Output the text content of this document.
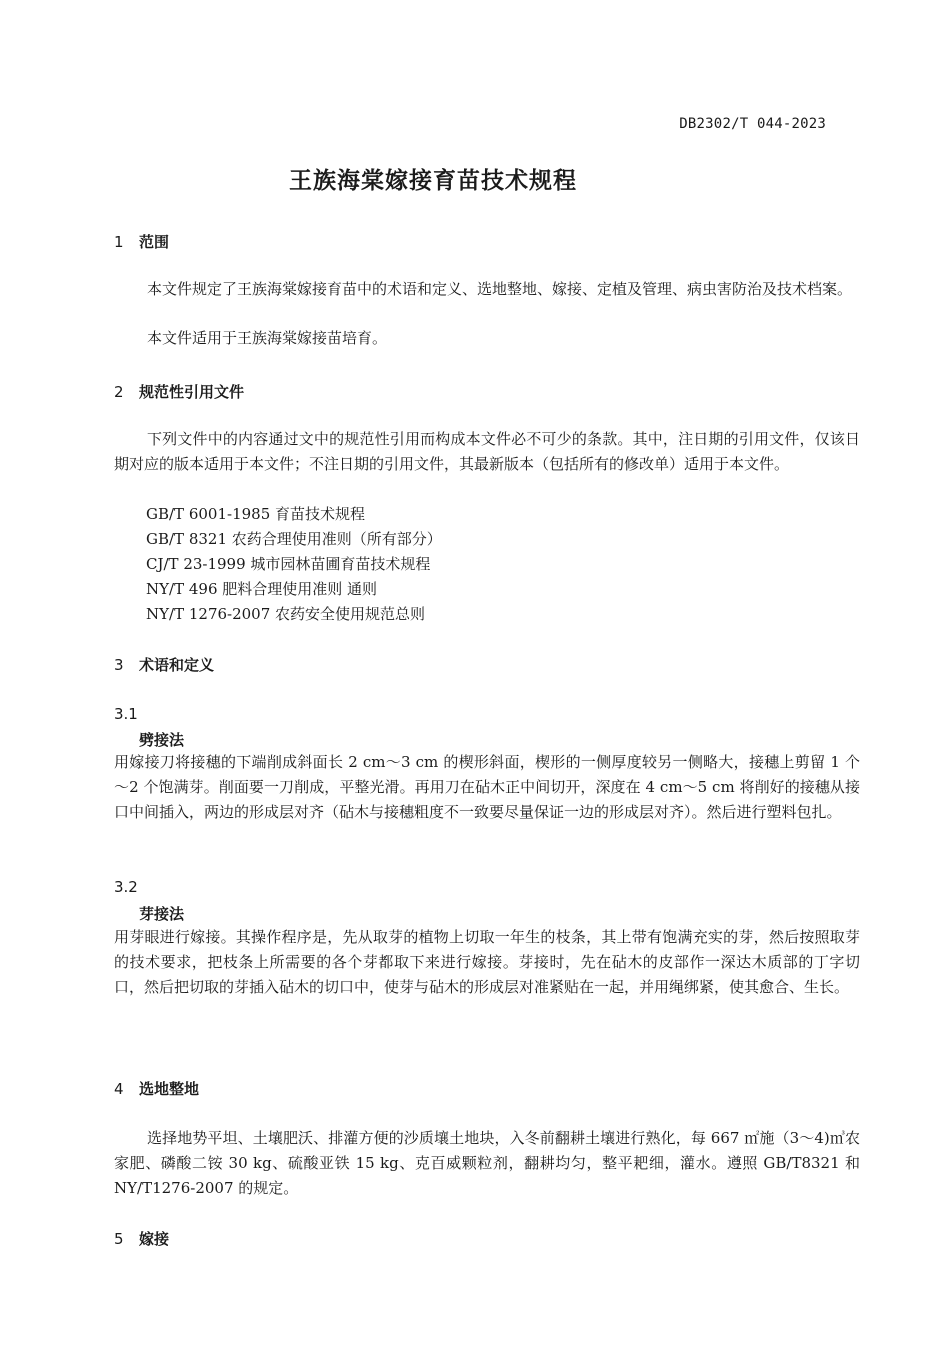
DB2302/T 044-2023
王族海棠嫁接育苗技术规程
1 范围
本文件规定了王族海棠嫁接育苗中的术语和定义、选地整地、嫁接、定植及管理、病虫害防治及技术档案。
本文件适用于王族海棠嫁接苗培育。
2 规范性引用文件
下列文件中的内容通过文中的规范性引用而构成本文件必不可少的条款。其中，注日期的引用文件，仅该日期对应的版本适用于本文件；不注日期的引用文件，其最新版本（包括所有的修改单）适用于本文件。
GB/T 6001-1985 育苗技术规程
GB/T 8321 农药合理使用准则（所有部分）
CJ/T 23-1999 城市园林苗圃育苗技术规程
NY/T 496 肥料合理使用准则 通则
NY/T 1276-2007 农药安全使用规范总则
3 术语和定义
3.1
劈接法
用嫁接刀将接穗的下端削成斜面长 2 cm～3 cm 的楔形斜面，楔形的一侧厚度较另一侧略大，接穗上剪留 1 个～2 个饱满芽。削面要一刀削成，平整光滑。再用刀在砧木正中间切开，深度在 4 cm～5 cm 将削好的接穗从接口中间插入，两边的形成层对齐（砧木与接穗粗度不一致要尽量保证一边的形成层对齐）。然后进行塑料包扎。
3.2
芽接法
用芽眼进行嫁接。其操作程序是，先从取芽的植物上切取一年生的枝条，其上带有饱满充实的芽，然后按照取芽的技术要求，把枝条上所需要的各个芽都取下来进行嫁接。芽接时，先在砧木的皮部作一深达木质部的丁字切口，然后把切取的芽插入砧木的切口中，使芽与砧木的形成层对准紧贴在一起，并用绳绑紧，使其愈合、生长。
4 选地整地
选择地势平坦、土壤肥沃、排灌方便的沙质壤土地块，入冬前翻耕土壤进行熟化，每 667 ㎡施（3～4)㎥农家肥、磷酸二铵 30 kg、硫酸亚铁 15 kg、克百威颗粒剂，翻耕均匀，整平耙细，灌水。遵照 GB/T8321 和 NY/T1276-2007 的规定。
5 嫁接
